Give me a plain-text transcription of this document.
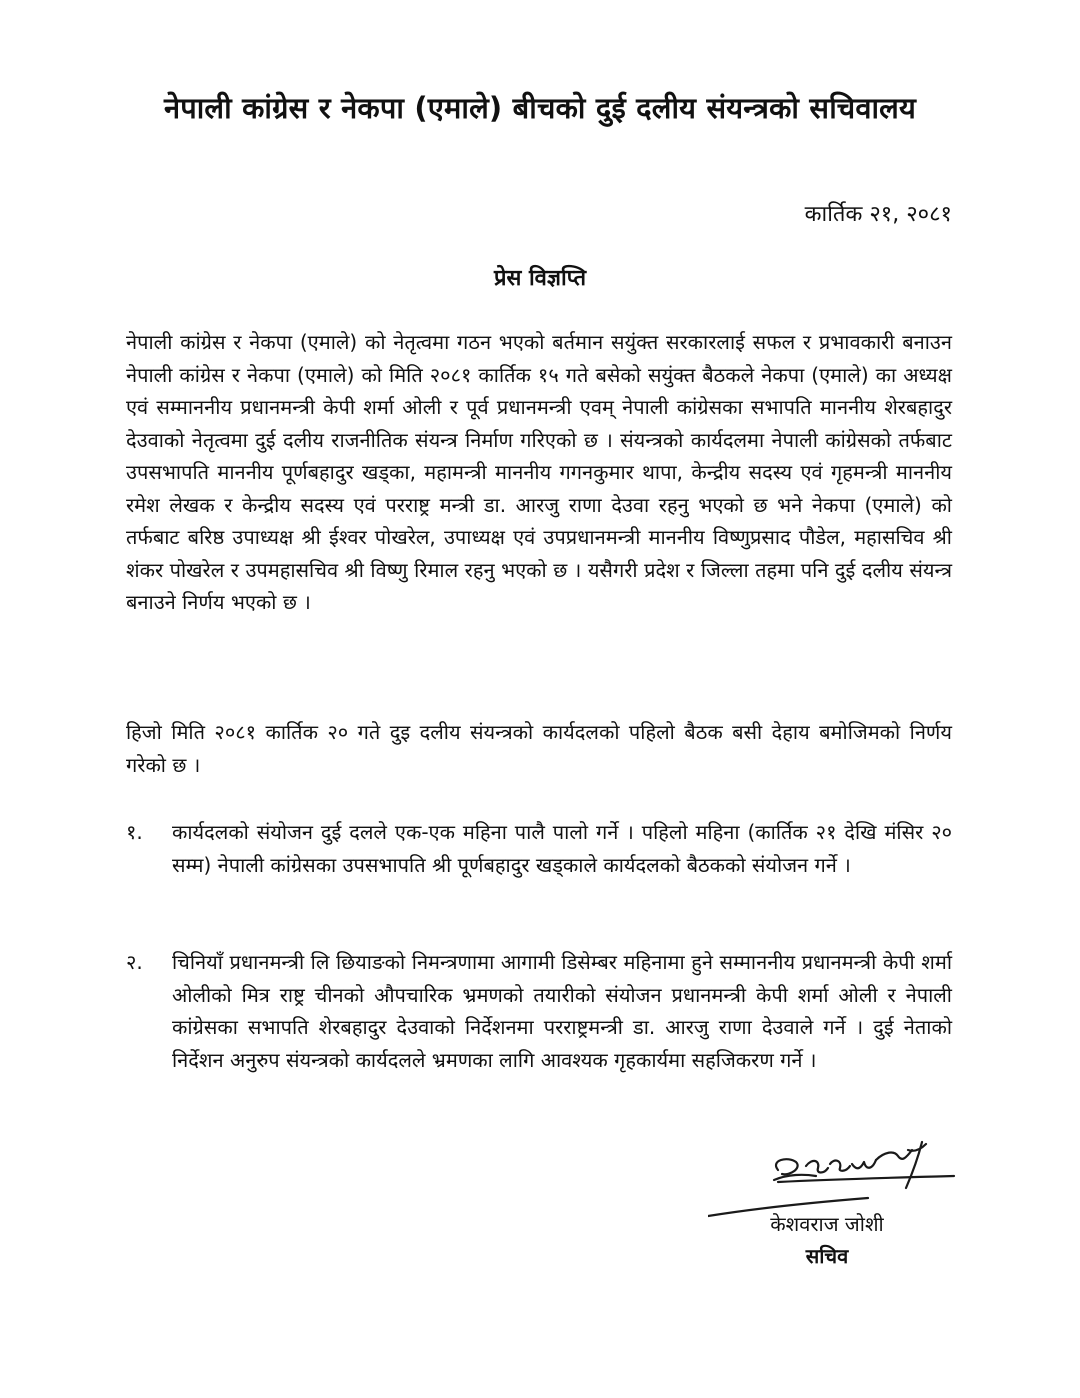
नेपाली कांग्रेस र नेकपा (एमाले) बीचको दुई दलीय संयन्त्रको सचिवालय
कार्तिक २१, २०८१
प्रेस विज्ञप्ति

नेपाली कांग्रेस र नेकपा (एमाले) को नेतृत्वमा गठन भएको बर्तमान सयुंक्त सरकारलाई सफल र प्रभावकारी बनाउन नेपाली कांग्रेस र नेकपा (एमाले) को मिति २०८१ कार्तिक १५ गते बसेको सयुंक्त बैठकले नेकपा (एमाले) का अध्यक्ष एवं सम्माननीय प्रधानमन्त्री केपी शर्मा ओली र पूर्व प्रधानमन्त्री एवम् नेपाली कांग्रेसका सभापति माननीय शेरबहादुर देउवाको नेतृत्वमा दुई दलीय राजनीतिक संयन्त्र निर्माण गरिएको छ । संयन्त्रको कार्यदलमा नेपाली कांग्रेसको तर्फबाट उपसभापति माननीय पूर्णबहादुर खड्का, महामन्त्री माननीय गगनकुमार थापा, केन्द्रीय सदस्य एवं गृहमन्त्री माननीय रमेश लेखक र केन्द्रीय सदस्य एवं परराष्ट्र मन्त्री डा. आरजु राणा देउवा रहनु भएको छ भने नेकपा (एमाले) को तर्फबाट बरिष्ठ उपाध्यक्ष श्री ईश्वर पोखरेल, उपाध्यक्ष एवं उपप्रधानमन्त्री माननीय विष्णुप्रसाद पौडेल, महासचिव श्री शंकर पोखरेल र उपमहासचिव श्री विष्णु रिमाल रहनु भएको छ । यसैगरी प्रदेश र जिल्ला तहमा पनि दुई दलीय संयन्त्र बनाउने निर्णय भएको छ ।

हिजो मिति २०८१ कार्तिक २० गते दुइ दलीय संयन्त्रको कार्यदलको पहिलो बैठक बसी देहाय बमोजिमको निर्णय गरेको छ ।

१. कार्यदलको संयोजन दुई दलले एक-एक महिना पालै पालो गर्ने । पहिलो महिना (कार्तिक २१ देखि मंसिर २० सम्म) नेपाली कांग्रेसका उपसभापति श्री पूर्णबहादुर खड्काले कार्यदलको बैठकको संयोजन गर्ने ।

२. चिनियाँ प्रधानमन्त्री लि छियाङको निमन्त्रणामा आगामी डिसेम्बर महिनामा हुने सम्माननीय प्रधानमन्त्री केपी शर्मा ओलीको मित्र राष्ट्र चीनको औपचारिक भ्रमणको तयारीको संयोजन प्रधानमन्त्री केपी शर्मा ओली र नेपाली कांग्रेसका सभापति शेरबहादुर देउवाको निर्देशनमा परराष्ट्रमन्त्री डा. आरजु राणा देउवाले गर्ने । दुई नेताको निर्देशन अनुरुप संयन्त्रको कार्यदलले भ्रमणका लागि आवश्यक गृहकार्यमा सहजिकरण गर्ने ।

केशवराज जोशी
सचिव
